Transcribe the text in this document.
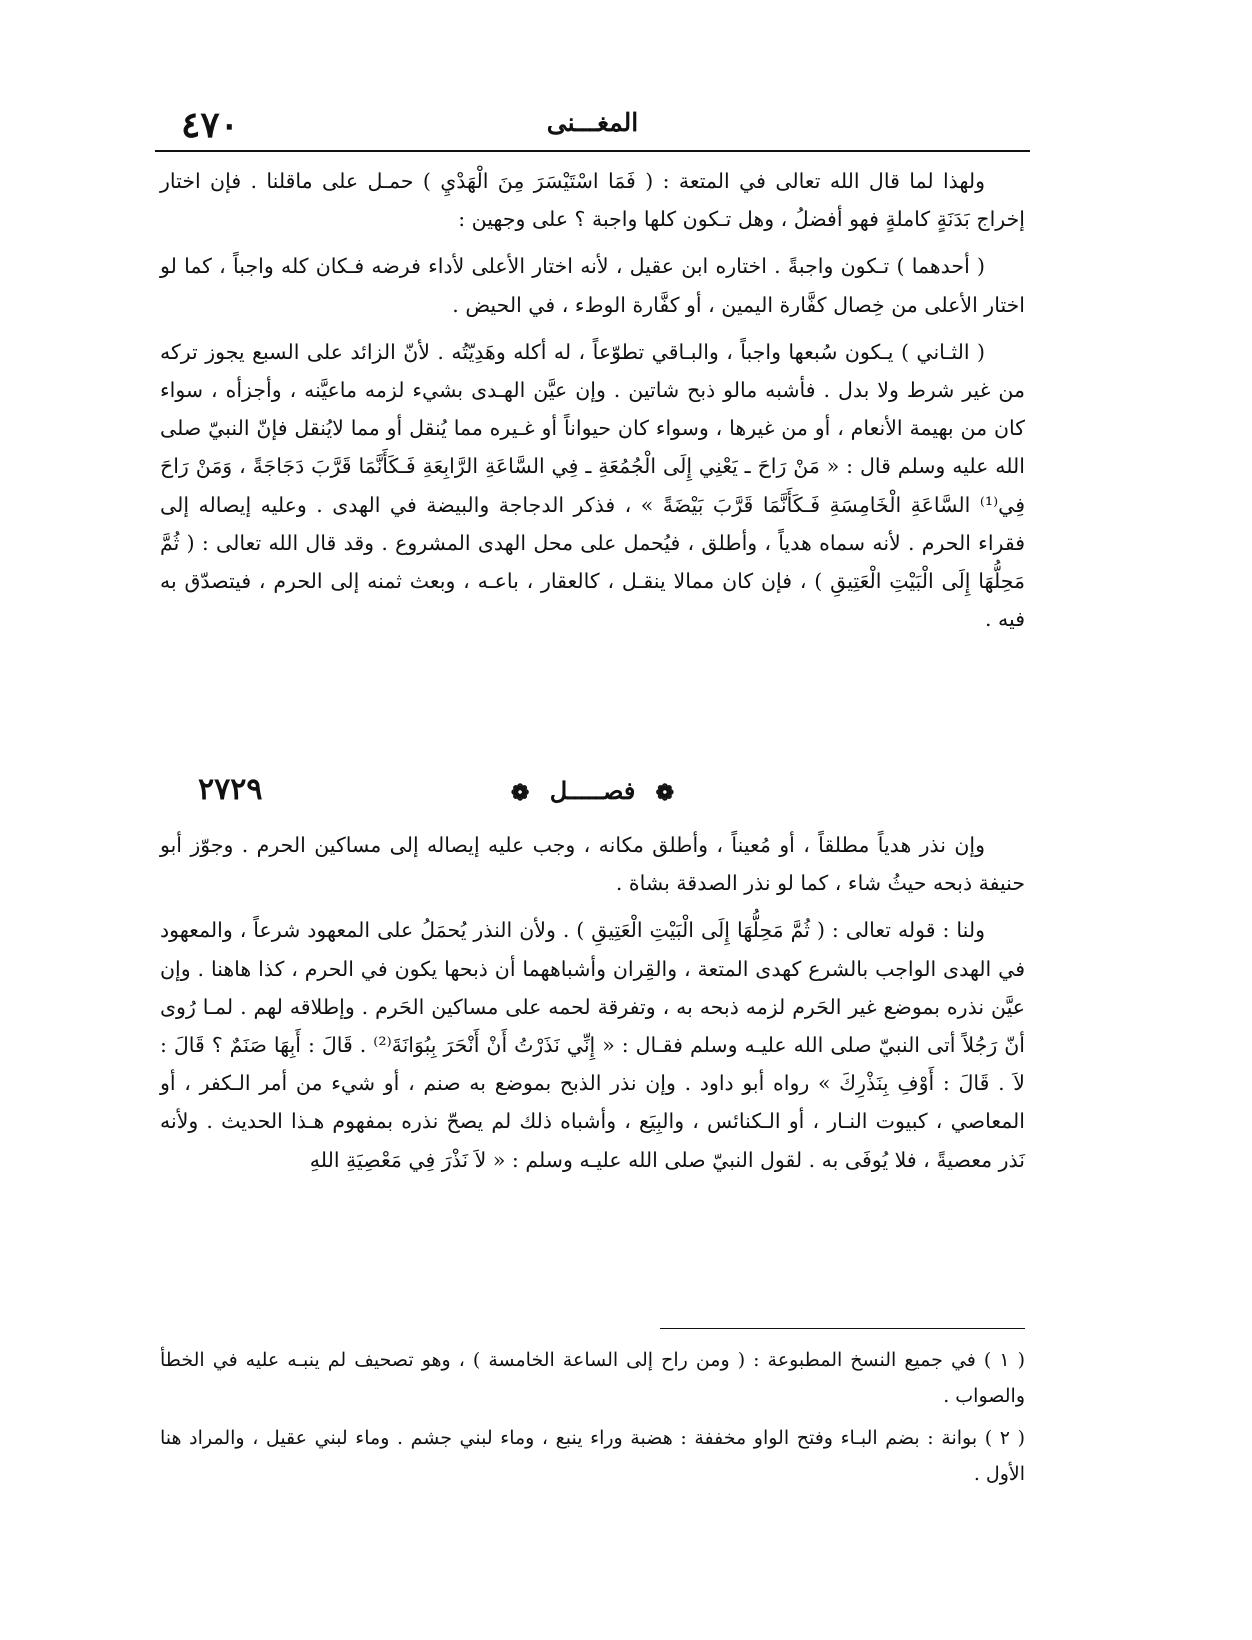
٤٧٠	المغـــنى

ولهذا لما قال الله تعالى في المتعة : ( فَمَا اسْتَيْسَرَ مِنَ الْهَدْيِ ) حمـل على ماقلنا . فإن اختار إخراج بَدَنَةٍ كاملةٍ فهو أفضلُ ، وهل تـكون كلها واجبة ؟ على وجهين :

( أحدهما ) تـكون واجبةً . اختاره ابن عقيل ، لأنه اختار الأعلى لأداء فرضه فـكان كله واجباً ، كما لو اختار الأعلى من خِصال كفَّارة اليمين ، أو كفَّارة الوطء ، في الحيض .

( الثـاني ) يـكون سُبعها واجباً ، والبـاقي تطوّعاً ، له أكله وهَدِيّتُه . لأنّ الزائد على السبع يجوز تركه من غير شرط ولا بدل . فأشبه مالو ذبح شاتين . وإن عيَّن الهـدى بشيء لزمه ماعيَّنه ، وأجزأه ، سواء كان من بهيمة الأنعام ، أو من غيرها ، وسواء كان حيواناً أو غـيره مما يُنقل أو مما لايُنقل فإنّ النبيّ صلى الله عليه وسلم قال : « مَنْ رَاحَ ـ يَعْنِي إِلَى الْجُمُعَةِ ـ فِي السَّاعَةِ الرَّابِعَةِ فَـكَأَنَّمَا قَرَّبَ دَجَاجَةً ، وَمَنْ رَاحَ فِي⁽¹⁾ السَّاعَةِ الْخَامِسَةِ فَـكَأَنَّمَا قَرَّبَ بَيْضَةً » ، فذكر الدجاجة والبيضة في الهدى . وعليه إيصاله إلى فقراء الحرم . لأنه سماه هدياً ، وأطلق ، فيُحمل على محل الهدى المشروع . وقد قال الله تعالى : ( ثُمَّ مَحِلُّهَا إِلَى الْبَيْتِ الْعَتِيقِ ) ، فإن كان ممالا ينقـل ، كالعقار ، باعـه ، وبعث ثمنه إلى الحرم ، فيتصدّق به فيه .

٢٧٢٩	❁ فصـــــل ❁

وإن نذر هدياً مطلقاً ، أو مُعيناً ، وأطلق مكانه ، وجب عليه إيصاله إلى مساكين الحرم . وجوّز أبو حنيفة ذبحه حيثُ شاء ، كما لو نذر الصدقة بشاة .

ولنا : قوله تعالى : ( ثُمَّ مَحِلُّهَا إِلَى الْبَيْتِ الْعَتِيقِ ) . ولأن النذر يُحمَلُ على المعهود شرعاً ، والمعهود في الهدى الواجب بالشرع كهدى المتعة ، والقِران وأشباههما أن ذبحها يكون في الحرم ، كذا هاهنا . وإن عيَّن نذره بموضع غير الحَرم لزمه ذبحه به ، وتفرقة لحمه على مساكين الحَرم . وإطلاقه لهم . لمـا رُوى أنّ رَجُلاً أتى النبيّ صلى الله عليـه وسلم فقـال : « إِنِّي نَذَرْتُ أَنْ أَنْحَرَ بِبُوَانَةَ⁽²⁾ . قَالَ : أَبِهَا صَنَمٌ ؟ قَالَ : لاَ . قَالَ : أَوْفِ بِنَذْرِكَ » رواه أبو داود . وإن نذر الذبح بموضع به صنم ، أو شيء من أمر الـكفر ، أو المعاصي ، كبيوت النـار ، أو الـكنائس ، والبِيَع ، وأشباه ذلك لم يصحّ نذره بمفهوم هـذا الحديث . ولأنه نَذر معصيةً ، فلا يُوفَى به . لقول النبيّ صلى الله عليـه وسلم : « لاَ نَذْرَ فِي مَعْصِيَةِ اللهِ

( ١ ) في جميع النسخ المطبوعة : ( ومن راح إلى الساعة الخامسة ) ، وهو تصحيف لم ينبـه عليه في الخطأ والصواب .

( ٢ ) بوانة : بضم البـاء وفتح الواو مخففة : هضبة وراء ينبع ، وماء لبني جشم . وماء لبني عقيل ، والمراد هنا الأول .
